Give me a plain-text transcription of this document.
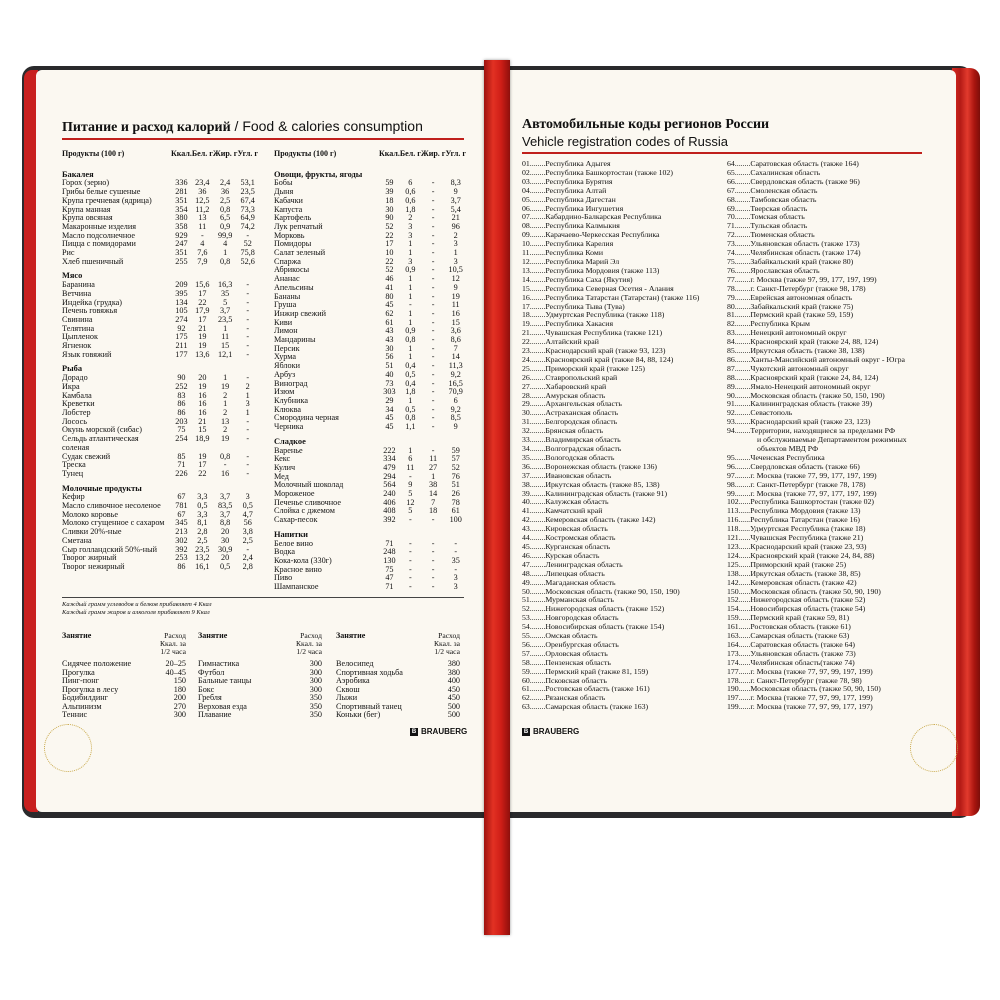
Питание и расход калорий / Food & calories consumption
Продукты (100 г)	Ккал.	Бел. г	Жир. г	Угл. г
Бакалея				
Горох (зерно)	336	23,4	2,4	53,1
Грибы белые сушеные	281	36	36	23,5
Крупа гречневая (ядрица)	351	12,5	2,5	67,4
Крупа манная	354	11,2	0,8	73,3
Крупа овсяная	380	13	6,5	64,9
Макаронные изделия	358	11	0,9	74,2
Масло подсолнечное	929	-	99,9	-
Пицца с помидорами	247	4	4	52
Рис	351	7,6	1	75,8
Хлеб пшеничный	255	7,9	0,8	52,6
Мясо				
Баранина	209	15,6	16,3	-
Ветчина	395	17	35	-
Индейка (грудка)	134	22	5	-
Печень говяжья	105	17,9	3,7	-
Свинина	274	17	23,5	-
Телятина	92	21	1	-
Цыпленок	175	19	11	-
Ягненок	211	19	15	-
Язык говяжий	177	13,6	12,1	-
Рыба				
Дорадо	90	20	1	-
Икра	252	19	19	2
Камбала	83	16	2	1
Креветки	86	16	1	3
Лобстер	86	16	2	1
Лосось	203	21	13	-
Окунь морской (сибас)	75	15	2	-
Сельдь атлантическая	254	18,9	19	-
соленая				
Судак свежий	85	19	0,8	-
Треска	71	17	-	-
Тунец	226	22	16	-
Молочные продукты				
Кефир	67	3,3	3,7	3
Масло сливочное несоленое	781	0,5	83,5	0,5
Молоко коровье	67	3,3	3,7	4,7
Молоко сгущенное с сахаром	345	8,1	8,8	56
Сливки 20%-ные	213	2,8	20	3,8
Сметана	302	2,5	30	2,5
Сыр голландский 50%-ный	392	23,5	30,9	-
Творог жирный	253	13,2	20	2,4
Творог нежирный	86	16,1	0,5	2,8
Продукты (100 г)	Ккал.	Бел. г	Жир. г	Угл. г
Овощи, фрукты, ягоды				
Бобы	59	6	-	8,3
Дыня	39	0,6	-	9
Кабачки	18	0,6	-	3,7
Капуста	30	1,8	-	5,4
Картофель	90	2	-	21
Лук репчатый	52	3	-	96
Морковь	22	3	-	2
Помидоры	17	1	-	3
Салат зеленый	10	1	-	1
Спаржа	22	3	-	3
Абрикосы	52	0,9	-	10,5
Ананас	46	1	-	12
Апельсины	41	1	-	9
Бананы	80	1	-	19
Груша	45	-	-	11
Инжир свежий	62	1	-	16
Киви	61	1	-	15
Лимон	43	0,9	-	3,6
Мандарины	43	0,8	-	8,6
Персик	30	1	-	7
Хурма	56	1	-	14
Яблоки	51	0,4	-	11,3
Арбуз	40	0,5	-	9,2
Виноград	73	0,4	-	16,5
Изюм	303	1,8	-	70,9
Клубника	29	1	-	6
Клюква	34	0,5	-	9,2
Смородина черная	45	0,8	-	8,5
Черника	45	1,1	-	9
Сладкое				
Варенье	222	1	-	59
Кекс	334	6	11	57
Кулич	479	11	27	52
Мед	294	-	1	76
Молочный шоколад	564	9	38	51
Мороженое	240	5	14	26
Печенье сливочное	406	12	7	78
Слойка с джемом	408	5	18	61
Сахар-песок	392	-	-	100
Напитки				
Белое вино	71	-	-	-
Водка	248	-	-	-
Кока-кола (330г)	130	-	-	35
Красное вино	75	-	-	-
Пиво	47	-	-	3
Шампанское	71	-	-	3
Каждый грамм углеводов и белков прибавляет 4 Ккал
Каждый грамм жиров и алкоголя прибавляет 9 Ккал
Занятие	Расход
Ккал. за
1/2 часа
Сидячее положение	20–25
Прогулка	40–45
Пинг-понг	150
Прогулка в лесу	180
Бодибилдинг	200
Альпинизм	270
Теннис	300
Занятие	Расход
Ккал. за
1/2 часа
Гимнастика	300
Футбол	300
Бальные танцы	300
Бокс	300
Гребля	350
Верховая езда	350
Плавание	350
Занятие	Расход
Ккал. за
1/2 часа
Велосипед	380
Спортивная ходьба	380
Аэробика	400
Сквош	450
Лыжи	450
Спортивный танец	500
Коньки (бег)	500
B BRAUBERG
Автомобильные коды регионов России
Vehicle registration codes of Russia
01........Республика Адыгея
02........Республика Башкортостан (также 102)
03........Республика Бурятия
04........Республика Алтай
05........Республика Дагестан
06........Республика Ингушетия
07........Кабардино-Балкарская Республика
08........Республика Калмыкия
09........Карачаево-Черкесская Республика
10........Республика Карелия
11........Республика Коми
12........Республика Марий Эл
13........Республика Мордовия (также 113)
14........Республика Саха (Якутия)
15........Республика Северная Осетия - Алания
16........Республика Татарстан (Татарстан) (также 116)
17........Республика Тыва (Тува)
18........Удмуртская Республика (также 118)
19........Республика Хакасия
21........Чувашская Республика (также 121)
22........Алтайский край
23........Краснодарский край (также 93, 123)
24........Красноярский край (также 84, 88, 124)
25........Приморский край (также 125)
26........Ставропольский край
27........Хабаровский край
28........Амурская область
29........Архангельская область
30........Астраханская область
31........Белгородская область
32........Брянская область
33........Владимирская область
34........Волгоградская область
35........Вологодская область
36........Воронежская область (также 136)
37........Ивановская область
38........Иркутская область (также 85, 138)
39........Калининградская область (также 91)
40........Калужская область
41........Камчатский край
42........Кемеровская область (также 142)
43........Кировская область
44........Костромская область
45........Курганская область
46........Курская область
47........Ленинградская область
48........Липецкая область
49........Магаданская область
50........Московская область (также 90, 150, 190)
51........Мурманская область
52........Нижегородская область (также 152)
53........Новгородская область
54........Новосибирская область (также 154)
55........Омская область
56........Оренбургская область
57........Орловская область
58........Пензенская область
59........Пермский край (также 81, 159)
60........Псковская область
61........Ростовская область (также 161)
62........Рязанская область
63........Самарская область (также 163)
64........Саратовская область (также 164)
65........Сахалинская область
66........Свердловская область (также 96)
67........Смоленская область
68........Тамбовская область
69........Тверская область
70........Томская область
71........Тульская область
72........Тюменская область
73........Ульяновская область (также 173)
74........Челябинская область (также 174)
75........Забайкальский край (также 80)
76........Ярославская область
77........г. Москва (также 97, 99, 177, 197, 199)
78........г. Санкт-Петербург (также 98, 178)
79........Еврейская автономная область
80........Забайкальский край (также 75)
81........Пермский край (также 59, 159)
82........Республика Крым
83........Ненецкий автономный округ
84........Красноярский край (также 24, 88, 124)
85........Иркутская область (также 38, 138)
86........Ханты-Мансийский автономный округ - Югра
87........Чукотский автономный округ
88........Красноярский край (также 24, 84, 124)
89........Ямало-Ненецкий автономный округ
90........Московская область (также 50, 150, 190)
91........Калининградская область (также 39)
92........Севастополь
93........Краснодарский край (также 23, 123)
94........Территории, находящиеся за пределами РФ
и обслуживаемые Департаментом режимных
объектов МВД РФ
95........Чеченская Республика
96........Свердловская область (также 66)
97........г. Москва (также 77, 99, 177, 197, 199)
98........г. Санкт-Петербург (также 78, 178)
99........г. Москва (также 77, 97, 177, 197, 199)
102......Республика Башкортостан (также 02)
113......Республика Мордовия (также 13)
116......Республика Татарстан (также 16)
118......Удмуртская Республика (также 18)
121......Чувашская Республика (также 21)
123......Краснодарский край (также 23, 93)
124......Красноярский край (также 24, 84, 88)
125......Приморский край (также 25)
138......Иркутская область (также 38, 85)
142......Кемеровская область (также 42)
150......Московская область (также 50, 90, 190)
152......Нижегородская область (также 52)
154......Новосибирская область (также 54)
159......Пермский край (также 59, 81)
161......Ростовская область (также 61)
163......Самарская область (также 63)
164......Саратовская область (также 64)
173......Ульяновская область (также 73)
174......Челябинская область(также 74)
177......г. Москва (также 77, 97, 99, 197, 199)
178......г. Санкт-Петербург (также 78, 98)
190......Московская область (также 50, 90, 150)
197......г. Москва (также 77, 97, 99, 177, 199)
199......г. Москва (также 77, 97, 99, 177, 197)
B BRAUBERG
